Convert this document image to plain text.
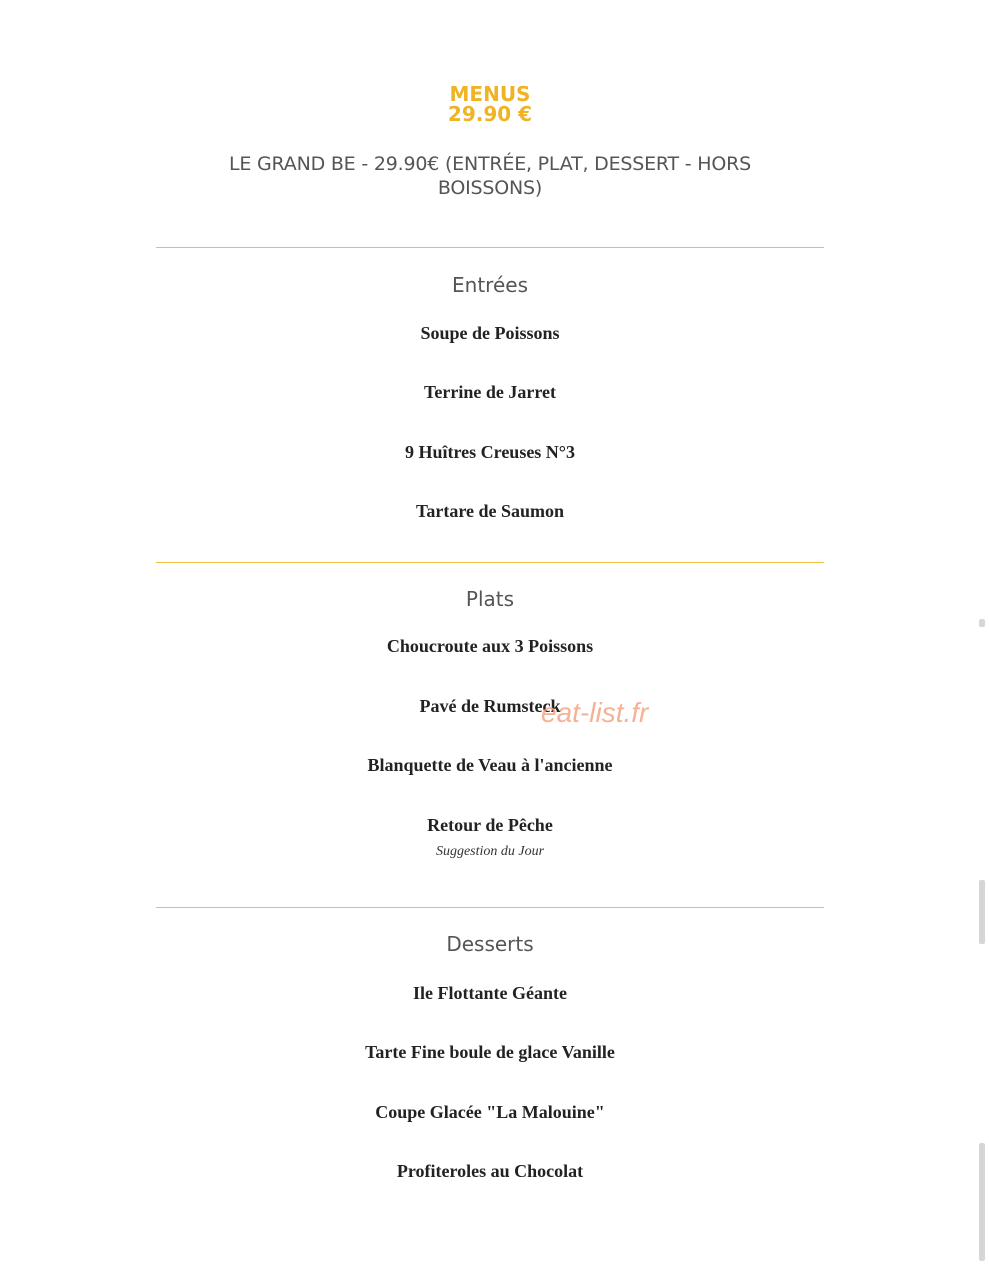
MENUS
29.90 €
LE GRAND BE - 29.90€ (ENTRÉE, PLAT, DESSERT - HORS BOISSONS)
Entrées
Soupe de Poissons
Terrine de Jarret
9 Huîtres Creuses N°3
Tartare de Saumon
Plats
Choucroute aux 3 Poissons
Pavé de Rumsteck
Blanquette de Veau à l'ancienne
Retour de Pêche
Suggestion du Jour
Desserts
Ile Flottante Géante
Tarte Fine boule de glace Vanille
Coupe Glacée "La Malouine"
Profiteroles au Chocolat
eat-list.fr
